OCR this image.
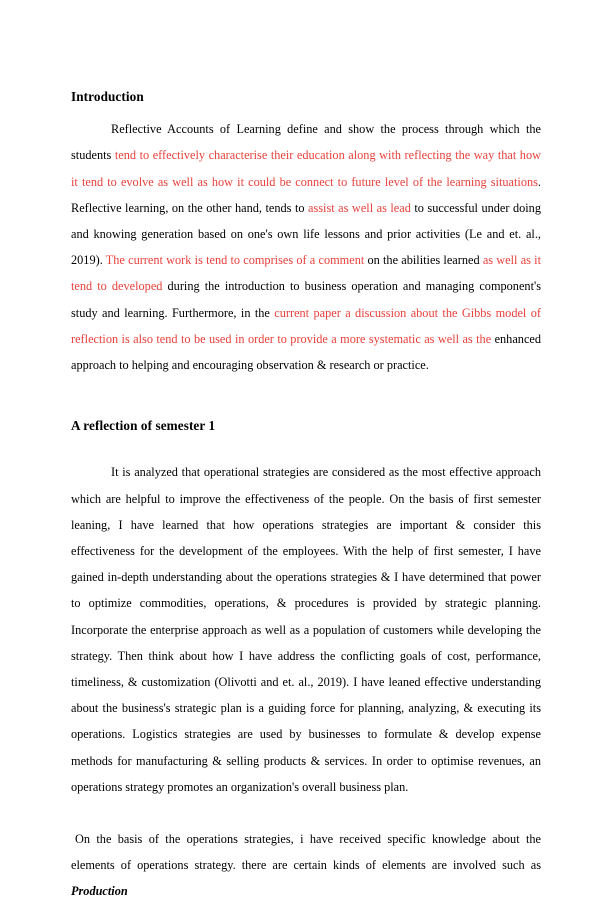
Introduction

Reflective Accounts of Learning define and show the process through which the students tend to effectively characterise their education along with reflecting the way that how it tend to evolve as well as how it could be connect to future level of the learning situations. Reflective learning, on the other hand, tends to assist as well as lead to successful under doing and knowing generation based on one's own life lessons and prior activities (Le and et. al., 2019). The current work is tend to comprises of a comment on the abilities learned as well as it tend to developed during the introduction to business operation and managing component's study and learning. Furthermore, in the current paper a discussion about the Gibbs model of reflection is also tend to be used in order to provide a more systematic as well as the enhanced approach to helping and encouraging observation & research or practice.

A reflection of semester 1

It is analyzed that operational strategies are considered as the most effective approach which are helpful to improve the effectiveness of the people. On the basis of first semester leaning, I have learned that how operations strategies are important & consider this effectiveness for the development of the employees. With the help of first semester, I have gained in-depth understanding about the operations strategies & I have determined that power to optimize commodities, operations, & procedures is provided by strategic planning. Incorporate the enterprise approach as well as a population of customers while developing the strategy. Then think about how I have address the conflicting goals of cost, performance, timeliness, & customization (Olivotti and et. al., 2019). I have leaned effective understanding about the business's strategic plan is a guiding force for planning, analyzing, & executing its operations. Logistics strategies are used by businesses to formulate & develop expense methods for manufacturing & selling products & services. In order to optimise revenues, an operations strategy promotes an organization's overall business plan.

On the basis of the operations strategies, i have received specific knowledge about the elements of operations strategy. there are certain kinds of elements are involved such as Production
